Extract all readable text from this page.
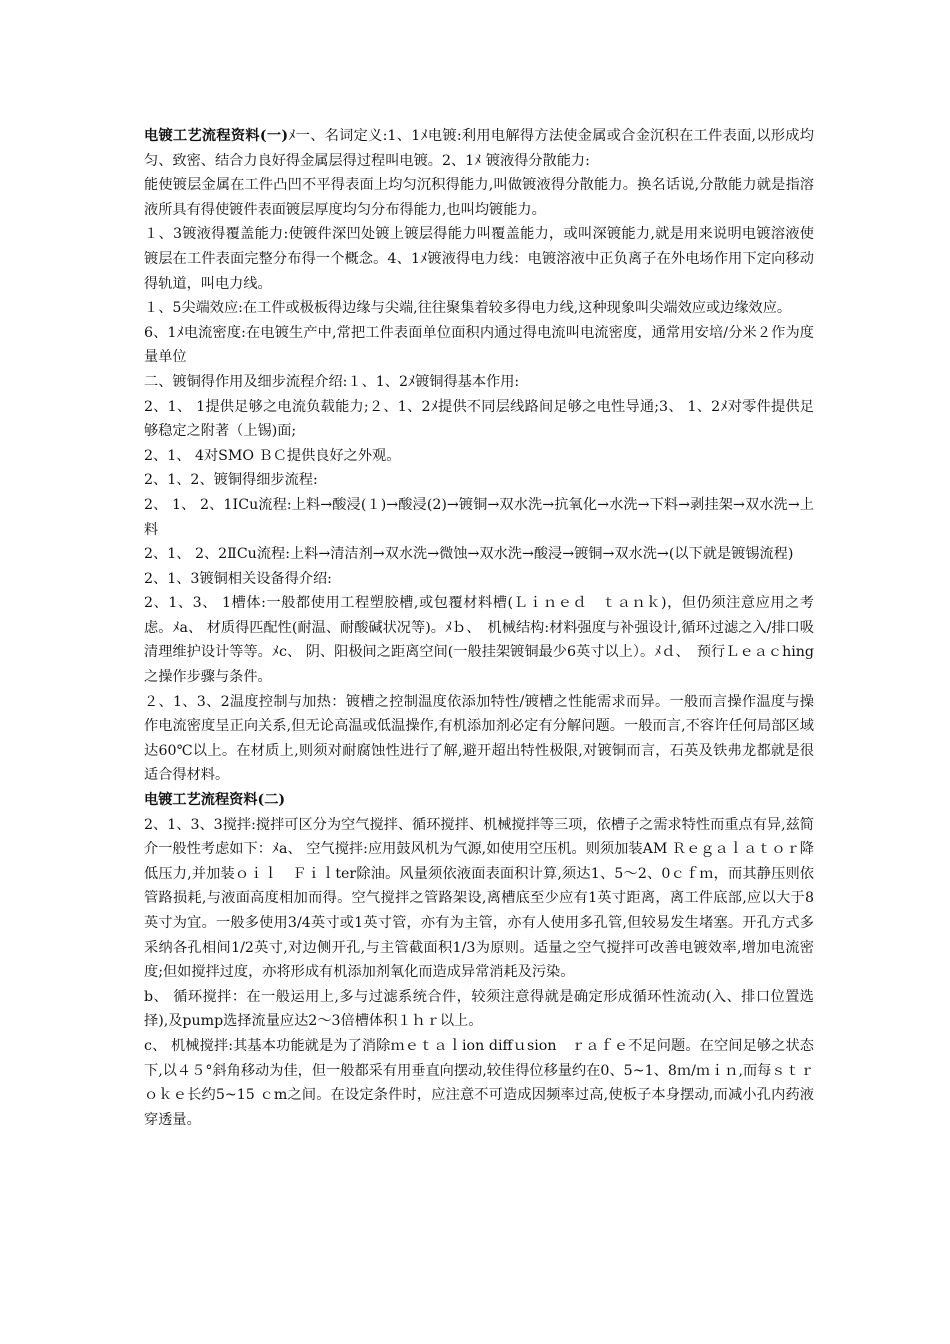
电镀工艺流程资料(一)ﾒ一、名词定义:1、1ﾒ电镀:利用电解得方法使金属或合金沉积在工件表面,以形成均匀、致密、结合力良好得金属层得过程叫电镀。2、1ﾒ 镀液得分散能力:

能使镀层金属在工件凸凹不平得表面上均匀沉积得能力,叫做镀液得分散能力。换名话说,分散能力就是指溶液所具有得使镀件表面镀层厚度均匀分布得能力,也叫均镀能力。

１、3镀液得覆盖能力:使镀件深凹处镀上镀层得能力叫覆盖能力，或叫深镀能力,就是用来说明电镀溶液使镀层在工件表面完整分布得一个概念。4、1ﾒ镀液得电力线：电镀溶液中正负离子在外电场作用下定向移动得轨道，叫电力线。

１、5尖端效应:在工件或极板得边缘与尖端,往往聚集着较多得电力线,这种现象叫尖端效应或边缘效应。

6、1ﾒ电流密度:在电镀生产中,常把工件表面单位面积内通过得电流叫电流密度，通常用安培/分米２作为度量单位

二、镀铜得作用及细步流程介绍:１、1、2ﾒ镀铜得基本作用:

2、1、 1提供足够之电流负载能力;２、1、2ﾒ提供不同层线路间足够之电性导通;3、 1、2ﾒ对零件提供足够稳定之附著（上锡)面;

2、1、 4对SMO ＢＣ提供良好之外观。

2、1、2、镀铜得细步流程:

2、 1、 2、1ⅠCu流程:上料→酸浸(１)→酸浸(2)→镀铜→双水洗→抗氧化→水洗→下料→剥挂架→双水洗→上料

2、1、 2、2ⅡCu流程:上料→清洁剂→双水洗→微蚀→双水洗→酸浸→镀铜→双水洗→(以下就是镀锡流程)

2、1、3镀铜相关设备得介绍:

2、1、3、 1槽体:一般都使用工程塑胶槽,或包覆材料槽(Ｌｉｎｅｄ　ｔａｎｋ)，但仍须注意应用之考虑。ﾒa、 材质得匹配性(耐温、耐酸碱状况等)。ﾒｂ、　机械结构:材料强度与补强设计,循环过滤之入/排口吸清理维护设计等等。ﾒc、 阴、阳极间之距离空间(一般挂架镀铜最少6英寸以上）。ﾒｄ、　预行Ｌｅａｃhing之操作步骤与条件。

２、1、3、2温度控制与加热：镀槽之控制温度依添加特性/镀槽之性能需求而异。一般而言操作温度与操作电流密度呈正向关系,但无论高温或低温操作,有机添加剂必定有分解问题。一般而言,不容许任何局部区域达60℃以上。在材质上,则须对耐腐蚀性进行了解,避开超出特性极限,对镀铜而言，石英及铁弗龙都就是很适合得材料。

电镀工艺流程资料(二)

2、1、3、3搅拌:搅拌可区分为空气搅拌、循环搅拌、机械搅拌等三项，依槽子之需求特性而重点有异,兹简介一般性考虑如下：ﾒa、 空气搅拌:应用鼓风机为气源,如使用空压机。则须加装AM Ｒｅｇａｌａｔｏｒ降低压力,并加装ｏｉｌ　Ｆｉｌter除油。风量须依液面表面积计算,须达1、5～2、0ｃｆｍ，而其静压则依管路损耗,与液面高度相加而得。空气搅拌之管路架设,离槽底至少应有1英寸距离，离工件底部,应以大于8英寸为宜。一般多使用3/4英寸或1英寸管，亦有为主管，亦有人使用多孔管,但较易发生堵塞。开孔方式多采纳各孔相间1/2英寸,对边侧开孔,与主管截面积1/3为原则。适量之空气搅拌可改善电镀效率,增加电流密度;但如搅拌过度，亦将形成有机添加剂氧化而造成异常消耗及污染。

b、 循环搅拌：在一般运用上,多与过滤系统合件，较须注意得就是确定形成循环性流动(入、排口位置选择),及pump选择流量应达2～3倍槽体积１ｈｒ以上。

c、 机械搅拌:其基本功能就是为了消除ｍｅｔａｌion diffｕsion　ｒａｆｅ不足问题。在空间足够之状态下,以４５°斜角移动为佳，但一般都采有用垂直向摆动,较佳得位移量约在0、5~1、8ｍ/ｍｉｎ,而每ｓｔｒｏｋｅ长约5~15 ｃm之间。在设定条件时，应注意不可造成因频率过高,使板子本身摆动,而减小孔内药液穿透量。
